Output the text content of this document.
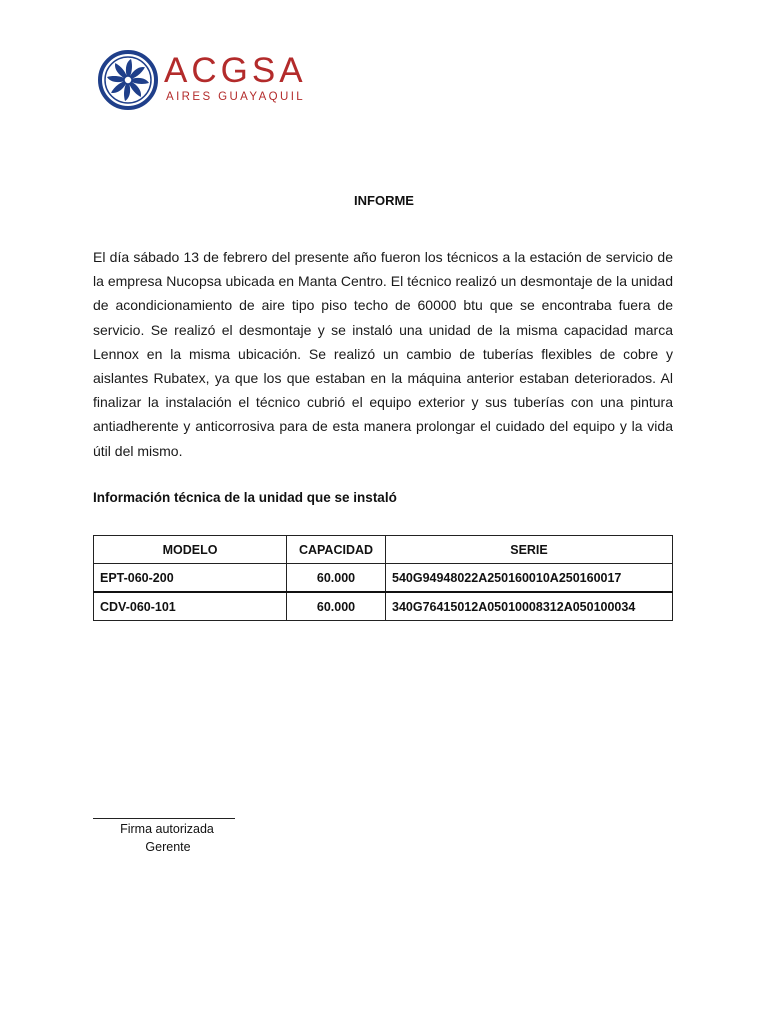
ACGSA
AIRES GUAYAQUIL
INFORME
El día sábado 13 de febrero del presente año fueron los técnicos a la estación de servicio de la empresa Nucopsa ubicada en Manta Centro. El técnico realizó un desmontaje de la unidad de acondicionamiento de aire tipo piso techo de 60000 btu que se encontraba fuera de servicio. Se realizó el desmontaje y se instaló una unidad de la misma capacidad marca Lennox en la misma ubicación. Se realizó un cambio de tuberías flexibles de cobre y aislantes Rubatex, ya que los que estaban en la máquina anterior estaban deteriorados. Al finalizar la instalación el técnico cubrió el equipo exterior y sus tuberías con una pintura antiadherente y anticorrosiva para de esta manera prolongar el cuidado del equipo y la vida útil del mismo.
Información técnica de la unidad que se instaló
MODELO	CAPACIDAD	SERIE
EPT-060-200	60.000	540G94948022A250160010A250160017
CDV-060-101	60.000	340G76415012A05010008312A050100034
Firma autorizada
Gerente
